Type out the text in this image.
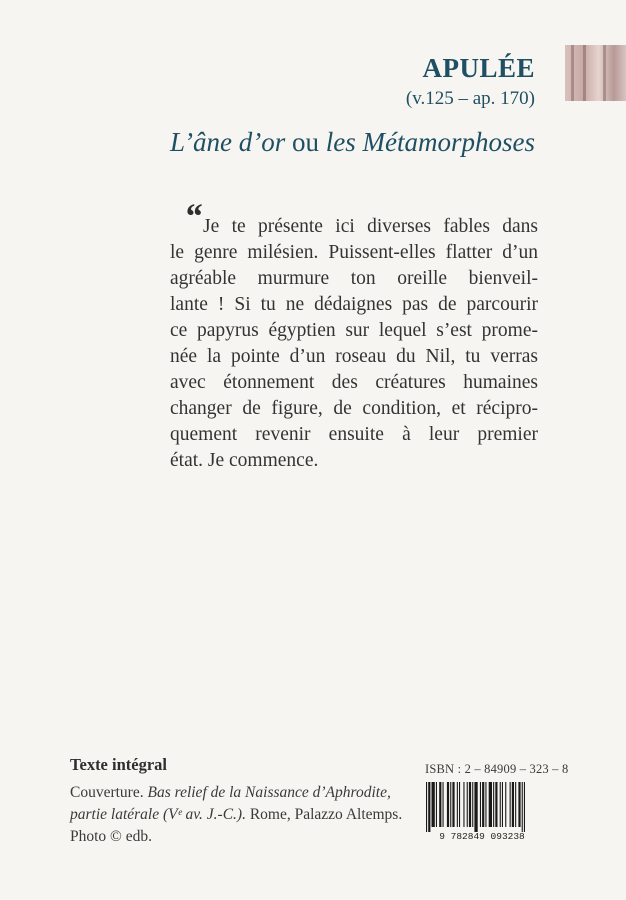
APULÉE
(v.125 – ap. 170)
L’âne d’or ou les Métamorphoses
“ Je te présente ici diverses fables dans
le genre milésien. Puissent-elles flatter d’un
agréable murmure ton oreille bienveil-
lante ! Si tu ne dédaignes pas de parcourir
ce papyrus égyptien sur lequel s’est prome-
née la pointe d’un roseau du Nil, tu verras
avec étonnement des créatures humaines
changer de figure, de condition, et récipro-
quement revenir ensuite à leur premier
état. Je commence.
Texte intégral
Couverture. Bas relief de la Naissance d’Aphrodite,
partie latérale (Vᵉ av. J.-C.). Rome, Palazzo Altemps.
Photo © edb.
ISBN : 2 – 84909 – 323 – 8
9 782849 093238
